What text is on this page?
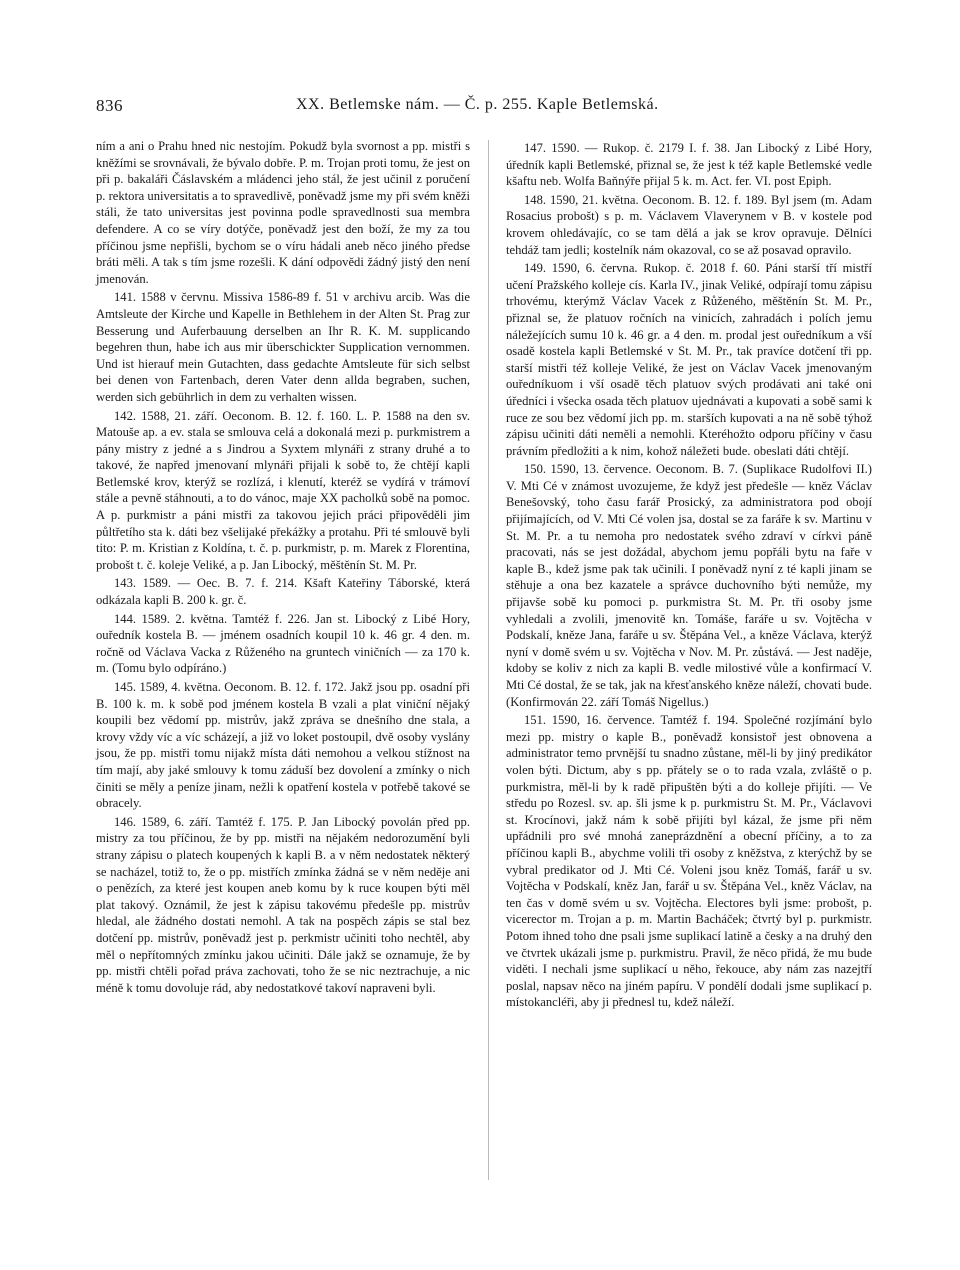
836	XX. Betlemske nám. — Č. p. 255. Kaple Betlemská.

ním a ani o Prahu hned nic nestojím. Pokudž byla svornost a pp. mistři s kněžími se srovnávali, že bývalo dobře. P. m. Trojan proti tomu, že jest on při p. bakaláři Čáslavském a mládenci jeho stál, že jest učinil z poručení p. rektora universitatis a to spravedlivě, poněvadž jsme my při svém kněži stáli, že tato universitas jest povinna podle spravedlnosti sua membra defendere. A co se víry dotýče, poněvadž jest den boží, že my za tou příčinou jsme nepřišli, bychom se o víru hádali aneb něco jiného předse bráti měli. A tak s tím jsme rozešli. K dání odpovědi žádný jistý den není jmenován.

141. 1588 v červnu. Missiva 1586-89 f. 51 v archivu arcib. Was die Amtsleute der Kirche und Kapelle in Bethlehem in der Alten St. Prag zur Besserung und Auferbauung derselben an Ihr R. K. M. supplicando begehren thun, habe ich aus mir überschickter Supplication vernommen. Und ist hierauf mein Gutachten, dass gedachte Amtsleute für sich selbst bei denen von Fartenbach, deren Vater denn allda begraben, suchen, werden sich gebührlich in dem zu verhalten wissen.

142. 1588, 21. září. Oeconom. B. 12. f. 160. L. P. 1588 na den sv. Matouše ap. a ev. stala se smlouva celá a dokonalá mezi p. purkmistrem a pány mistry z jedné a s Jindrou a Syxtem mlynáři z strany druhé a to takové, že napřed jmenovaní mlynáři přijali k sobě to, že chtějí kapli Betlemské krov, kterýž se rozlízá, i klenutí, kteréž se vydírá v trámoví stále a pevně stáhnouti, a to do vánoc, maje XX pacholků sobě na pomoc. A p. purkmistr a páni mistři za takovou jejich práci připověděli jim půltřetího sta k. dáti bez všelijaké překážky a protahu. Při té smlouvě byli tito: P. m. Kristian z Koldína, t. č. p. purkmistr, p. m. Marek z Florentina, probošt t. č. koleje Veliké, a p. Jan Libocký, měštěnín St. M. Pr.

143. 1589. — Oec. B. 7. f. 214. Kšaft Kateřiny Táborské, která odkázala kapli B. 200 k. gr. č.

144. 1589. 2. května. Tamtéž f. 226. Jan st. Libocký z Libé Hory, ouředník kostela B. — jménem osadních koupil 10 k. 46 gr. 4 den. m. ročně od Václava Vacka z Růženého na gruntech viničních — za 170 k. m. (Tomu bylo odpíráno.)

145. 1589, 4. května. Oeconom. B. 12. f. 172. Jakž jsou pp. osadní při B. 100 k. m. k sobě pod jménem kostela B vzali a plat viniční nějaký koupili bez vědomí pp. mistrův, jakž zpráva se dnešního dne stala, a krovy vždy víc a víc scházejí, a již vo loket postoupil, dvě osoby vyslány jsou, že pp. mistři tomu nijakž místa dáti nemohou a velkou stížnost na tím mají, aby jaké smlouvy k tomu záduší bez dovolení a zmínky o nich činiti se měly a peníze jinam, nežli k opatření kostela v potřebě takové se obracely.

146. 1589, 6. září. Tamtéž f. 175. P. Jan Libocký povolán před pp. mistry za tou příčinou, že by pp. mistři na nějakém nedorozumění byli strany zápisu o platech koupených k kapli B. a v něm nedostatek některý se nacházel, totiž to, že o pp. mistřích zmínka žádná se v něm neděje ani o penězích, za které jest koupen aneb komu by k ruce koupen býti měl plat takový. Oznámil, že jest k zápisu takovému předešle pp. mistrův hledal, ale žádného dostati nemohl. A tak na pospěch zápis se stal bez dotčení pp. mistrův, poněvadž jest p. perkmistr učiniti toho nechtěl, aby měl o nepřítomných zmínku jakou učiniti. Dále jakž se oznamuje, že by pp. mistři chtěli pořad práva zachovati, toho že se nic neztrachuje, a nic méně k tomu dovoluje rád, aby nedostatkové takoví napraveni byli.

147. 1590. — Rukop. č. 2179 I. f. 38. Jan Libocký z Libé Hory, úředník kapli Betlemské, přiznal se, že jest k též kaple Betlemské vedle kšaftu neb. Wolfa Baňnýře přijal 5 k. m. Act. fer. VI. post Epiph.

148. 1590, 21. května. Oeconom. B. 12. f. 189. Byl jsem (m. Adam Rosacius probošt) s p. m. Václavem Vlaverynem v B. v kostele pod krovem ohledávajíc, co se tam dělá a jak se krov opravuje. Dělníci tehdáž tam jedli; kostelník nám okazoval, co se až posavad opravilo.

149. 1590, 6. června. Rukop. č. 2018 f. 60. Páni starší tří mistří učení Pražského kolleje cís. Karla IV., jinak Veliké, odpírají tomu zápisu trhovému, kterýmž Václav Vacek z Růženého, měštěnín St. M. Pr., přiznal se, že platuov ročních na vinicích, zahradách i polích jemu náležejících sumu 10 k. 46 gr. a 4 den. m. prodal jest ouředníkum a vší osadě kostela kapli Betlemské v St. M. Pr., tak pravíce dotčení tři pp. starší mistři též kolleje Veliké, že jest on Václav Vacek jmenovaným ouředníkuom i vší osadě těch platuov svých prodávati ani také oni úředníci i všecka osada těch platuov ujednávati a kupovati a sobě sami k ruce ze sou bez vědomí jich pp. m. starších kupovati a na ně sobě týhož zápisu učiniti dáti neměli a nemohli. Kteréhožto odporu příčiny v času právním předložiti a k nim, kohož náležeti bude. obeslati dáti chtějí.

150. 1590, 13. července. Oeconom. B. 7. (Suplikace Rudolfovi II.) V. Mti Cé v známost uvozujeme, že když jest předešle — kněz Václav Benešovský, toho času farář Prosický, za administratora pod obojí přijímajících, od V. Mti Cé volen jsa, dostal se za faráře k sv. Martinu v St. M. Pr. a tu nemoha pro nedostatek svého zdraví v církvi páně pracovati, nás se jest dožádal, abychom jemu popřáli bytu na faře v kaple B., kdež jsme pak tak učinili. I poněvadž nyní z té kapli jinam se stěhuje a ona bez kazatele a správce duchovního býti nemůže, my přijavše sobě ku pomoci p. purkmistra St. M. Pr. tři osoby jsme vyhledali a zvolili, jmenovitě kn. Tomáše, faráře u sv. Vojtěcha v Podskalí, kněze Jana, faráře u sv. Štěpána Vel., a kněze Václava, kterýž nyní v domě svém u sv. Vojtěcha v Nov. M. Pr. zůstává. — Jest naděje, kdoby se koliv z nich za kapli B. vedle milostivé vůle a konfirmací V. Mti Cé dostal, že se tak, jak na křesťanského kněze náleží, chovati bude. (Konfirmován 22. září Tomáš Nigellus.)

151. 1590, 16. července. Tamtéž f. 194. Společné rozjímání bylo mezi pp. mistry o kaple B., poněvadž konsistoř jest obnovena a administrator temo prvnější tu snadno zůstane, měl-li by jiný predikátor volen býti. Dictum, aby s pp. přátely se o to rada vzala, zvláště o p. purkmistra, měl-li by k radě připuštěn býti a do kolleje přijíti. — Ve středu po Rozesl. sv. ap. šli jsme k p. purkmistru St. M. Pr., Václavovi st. Krocínovi, jakž nám k sobě přijíti byl kázal, že jsme při něm upřádnili pro své mnohá zaneprázdnění a obecní příčiny, a to za příčinou kapli B., abychme volili tři osoby z kněžstva, z kterýchž by se vybral predikator od J. Mti Cé. Voleni jsou kněz Tomáš, farář u sv. Vojtěcha v Podskalí, kněz Jan, farář u sv. Štěpána Vel., kněz Václav, na ten čas v domě svém u sv. Vojtěcha. Electores byli jsme: probošt, p. vicerector m. Trojan a p. m. Martin Bacháček; čtvrtý byl p. purkmistr. Potom ihned toho dne psali jsme suplikací latině a česky a na druhý den ve čtvrtek ukázali jsme p. purkmistru. Pravil, že něco přidá, že mu bude viděti. I nechali jsme suplikací u něho, řekouce, aby nám zas nazejtří poslal, napsav něco na jiném papíru. V pondělí dodali jsme suplikací p. místokancléři, aby ji přednesl tu, kdež náleží.
